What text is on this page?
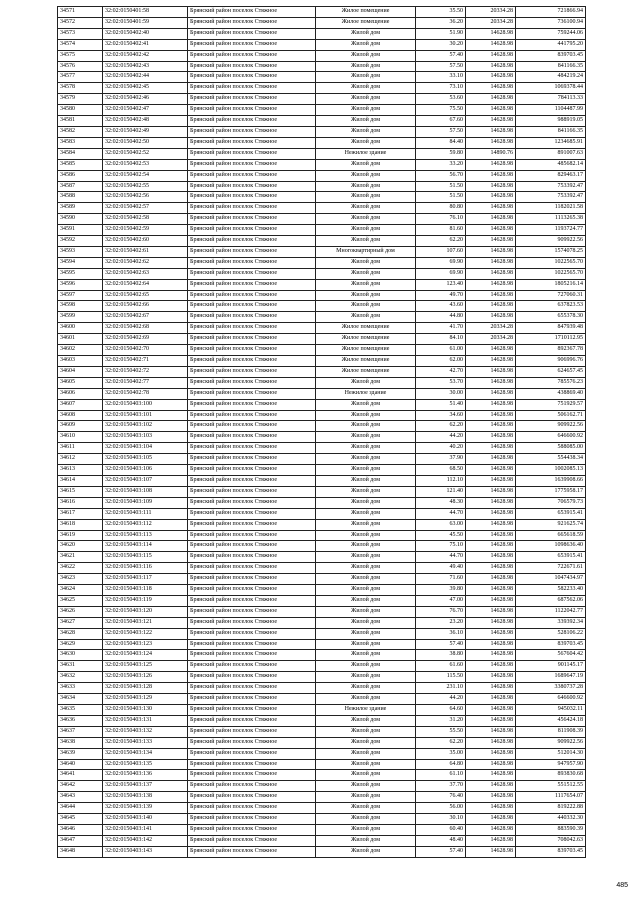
34571	32:02:0150401:58	Брянский район поселок Стяжное	Жилое помещение	35.50	20334.28	721866.94
34572	32:02:0150401:59	Брянский район поселок Стяжное	Жилое помещение	36.20	20334.28	736100.94
34573	32:02:0150402:40	Брянский район поселок Стяжное	Жилой дом	51.90	14628.98	759244.06
34574	32:02:0150402:41	Брянский район поселок Стяжное	Жилой дом	30.20	14628.98	441795.20
34575	32:02:0150402:42	Брянский район поселок Стяжное	Жилой дом	57.40	14628.98	839703.45
34576	32:02:0150402:43	Брянский район поселок Стяжное	Жилой дом	57.50	14628.98	841166.35
34577	32:02:0150402:44	Брянский район поселок Стяжное	Жилой дом	33.10	14628.98	484219.24
34578	32:02:0150402:45	Брянский район поселок Стяжное	Жилой дом	73.10	14628.98	1069378.44
34579	32:02:0150402:46	Брянский район поселок Стяжное	Жилой дом	53.60	14628.98	784113.33
34580	32:02:0150402:47	Брянский район поселок Стяжное	Жилой дом	75.50	14628.98	1104487.99
34581	32:02:0150402:48	Брянский район поселок Стяжное	Жилой дом	67.60	14628.98	988919.05
34582	32:02:0150402:49	Брянский район поселок Стяжное	Жилой дом	57.50	14628.98	841166.35
34583	32:02:0150402:50	Брянский район поселок Стяжное	Жилой дом	84.40	14628.98	1234685.91
34584	32:02:0150402:52	Брянский район поселок Стяжное	Нежилое здание	59.80	14890.76	891007.63
34585	32:02:0150402:53	Брянский район поселок Стяжное	Жилой дом	33.20	14628.98	485682.14
34586	32:02:0150402:54	Брянский район поселок Стяжное	Жилой дом	56.70	14628.98	829463.17
34587	32:02:0150402:55	Брянский район поселок Стяжное	Жилой дом	51.50	14628.98	753392.47
34588	32:02:0150402:56	Брянский район поселок Стяжное	Жилой дом	51.50	14628.98	753392.47
34589	32:02:0150402:57	Брянский район поселок Стяжное	Жилой дом	80.80	14628.98	1182021.58
34590	32:02:0150402:58	Брянский район поселок Стяжное	Жилой дом	76.10	14628.98	1113265.38
34591	32:02:0150402:59	Брянский район поселок Стяжное	Жилой дом	81.60	14628.98	1193724.77
34592	32:02:0150402:60	Брянский район поселок Стяжное	Жилой дом	62.20	14628.98	909922.56
34593	32:02:0150402:61	Брянский район поселок Стяжное	Многоквартирный дом	107.60	14628.98	1574078.25
34594	32:02:0150402:62	Брянский район поселок Стяжное	Жилой дом	69.90	14628.98	1022565.70
34595	32:02:0150402:63	Брянский район поселок Стяжное	Жилой дом	69.90	14628.98	1022565.70
34596	32:02:0150402:64	Брянский район поселок Стяжное	Жилой дом	123.40	14628.98	1805216.14
34597	32:02:0150402:65	Брянский район поселок Стяжное	Жилой дом	49.70	14628.98	727060.31
34598	32:02:0150402:66	Брянский район поселок Стяжное	Жилой дом	43.60	14628.98	637823.53
34599	32:02:0150402:67	Брянский район поселок Стяжное	Жилой дом	44.80	14628.98	655378.30
34600	32:02:0150402:68	Брянский район поселок Стяжное	Жилое помещение	41.70	20334.28	847939.48
34601	32:02:0150402:69	Брянский район поселок Стяжное	Жилое помещение	84.10	20334.28	1710112.95
34602	32:02:0150402:70	Брянский район поселок Стяжное	Жилое помещение	61.00	14628.98	892367.78
34603	32:02:0150402:71	Брянский район поселок Стяжное	Жилое помещение	62.00	14628.98	906996.76
34604	32:02:0150402:72	Брянский район поселок Стяжное	Жилое помещение	42.70	14628.98	624657.45
34605	32:02:0150402:77	Брянский район поселок Стяжное	Жилой дом	53.70	14628.98	785576.23
34606	32:02:0150402:78	Брянский район поселок Стяжное	Нежилое здание	30.00	14628.98	438869.40
34607	32:02:0150403:100	Брянский район поселок Стяжное	Жилой дом	51.40	14628.98	751929.57
34608	32:02:0150403:101	Брянский район поселок Стяжное	Жилой дом	34.60	14628.98	506162.71
34609	32:02:0150403:102	Брянский район поселок Стяжное	Жилой дом	62.20	14628.98	909922.56
34610	32:02:0150403:103	Брянский район поселок Стяжное	Жилой дом	44.20	14628.98	646600.92
34611	32:02:0150403:104	Брянский район поселок Стяжное	Жилой дом	40.20	14628.98	588085.00
34612	32:02:0150403:105	Брянский район поселок Стяжное	Жилой дом	37.90	14628.98	554438.34
34613	32:02:0150403:106	Брянский район поселок Стяжное	Жилой дом	68.50	14628.98	1002085.13
34614	32:02:0150403:107	Брянский район поселок Стяжное	Жилой дом	112.10	14628.98	1639908.66
34615	32:02:0150403:108	Брянский район поселок Стяжное	Жилой дом	121.40	14628.98	1775958.17
34616	32:02:0150403:109	Брянский район поселок Стяжное	Жилой дом	48.30	14628.98	706579.73
34617	32:02:0150403:111	Брянский район поселок Стяжное	Жилой дом	44.70	14628.98	653915.41
34618	32:02:0150403:112	Брянский район поселок Стяжное	Жилой дом	63.00	14628.98	921625.74
34619	32:02:0150403:113	Брянский район поселок Стяжное	Жилой дом	45.50	14628.98	665618.59
34620	32:02:0150403:114	Брянский район поселок Стяжное	Жилой дом	75.10	14628.98	1098636.40
34621	32:02:0150403:115	Брянский район поселок Стяжное	Жилой дом	44.70	14628.98	653915.41
34622	32:02:0150403:116	Брянский район поселок Стяжное	Жилой дом	49.40	14628.98	722671.61
34623	32:02:0150403:117	Брянский район поселок Стяжное	Жилой дом	71.60	14628.98	1047434.97
34624	32:02:0150403:118	Брянский район поселок Стяжное	Жилой дом	39.80	14628.98	582233.40
34625	32:02:0150403:119	Брянский район поселок Стяжное	Жилой дом	47.00	14628.98	687562.06
34626	32:02:0150403:120	Брянский район поселок Стяжное	Жилой дом	76.70	14628.98	1122042.77
34627	32:02:0150403:121	Брянский район поселок Стяжное	Жилой дом	23.20	14628.98	339392.34
34628	32:02:0150403:122	Брянский район поселок Стяжное	Жилой дом	36.10	14628.98	528106.22
34629	32:02:0150403:123	Брянский район поселок Стяжное	Жилой дом	57.40	14628.98	839703.45
34630	32:02:0150403:124	Брянский район поселок Стяжное	Жилой дом	38.80	14628.98	567604.42
34631	32:02:0150403:125	Брянский район поселок Стяжное	Жилой дом	61.60	14628.98	901145.17
34632	32:02:0150403:126	Брянский район поселок Стяжное	Жилой дом	115.50	14628.98	1689647.19
34633	32:02:0150403:128	Брянский район поселок Стяжное	Жилой дом	231.10	14628.98	3380737.28
34634	32:02:0150403:129	Брянский район поселок Стяжное	Жилой дом	44.20	14628.98	646600.92
34635	32:02:0150403:130	Брянский район поселок Стяжное	Нежилое здание	64.60	14628.98	945032.11
34636	32:02:0150403:131	Брянский район поселок Стяжное	Жилой дом	31.20	14628.98	456424.18
34637	32:02:0150403:132	Брянский район поселок Стяжное	Жилой дом	55.50	14628.98	811908.39
34638	32:02:0150403:133	Брянский район поселок Стяжное	Жилой дом	62.20	14628.98	909922.56
34639	32:02:0150403:134	Брянский район поселок Стяжное	Жилой дом	35.00	14628.98	512014.30
34640	32:02:0150403:135	Брянский район поселок Стяжное	Жилой дом	64.80	14628.98	947957.90
34641	32:02:0150403:136	Брянский район поселок Стяжное	Жилой дом	61.10	14628.98	893830.68
34642	32:02:0150403:137	Брянский район поселок Стяжное	Жилой дом	37.70	14628.98	551512.55
34643	32:02:0150403:138	Брянский район поселок Стяжное	Жилой дом	76.40	14628.98	1117654.07
34644	32:02:0150403:139	Брянский район поселок Стяжное	Жилой дом	56.00	14628.98	819222.88
34645	32:02:0150403:140	Брянский район поселок Стяжное	Жилой дом	30.10	14628.98	440332.30
34646	32:02:0150403:141	Брянский район поселок Стяжное	Жилой дом	60.40	14628.98	883590.39
34647	32:02:0150403:142	Брянский район поселок Стяжное	Жилой дом	48.40	14628.98	708042.63
34648	32:02:0150403:143	Брянский район поселок Стяжное	Жилой дом	57.40	14628.98	839703.45
485
